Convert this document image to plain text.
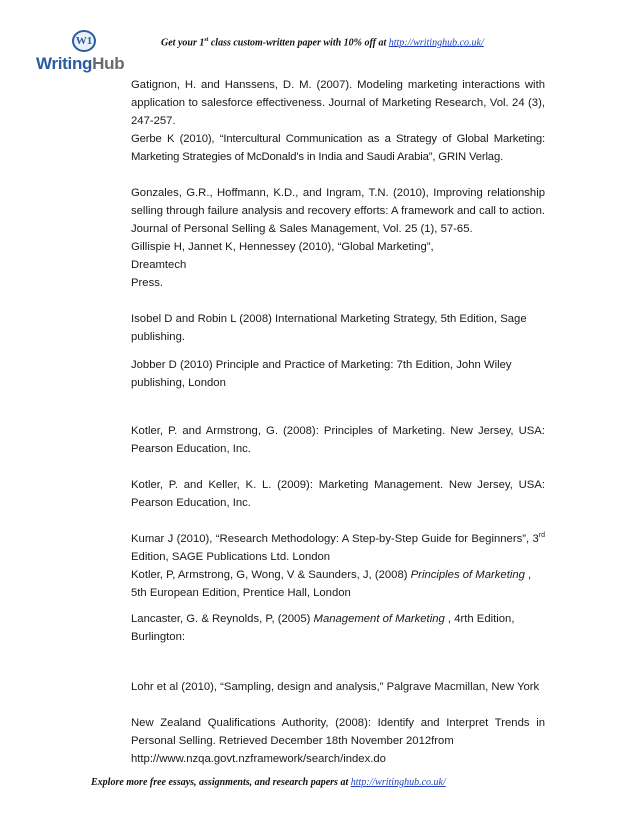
W1
WritingHub
Get your 1st class custom-written paper with 10% off at http://writinghub.co.uk/

Gatignon, H. and Hanssens, D. M. (2007). Modeling marketing interactions with application to salesforce effectiveness. Journal of Marketing Research, Vol. 24 (3), 247-257.

Gerbe K (2010), “Intercultural Communication as a Strategy of Global Marketing: Marketing Strategies of McDonald's in India and Saudi Arabia”, GRIN Verlag.

Gonzales, G.R., Hoffmann, K.D., and Ingram, T.N. (2010), Improving relationship selling through failure analysis and recovery efforts: A framework and call to action. Journal of Personal Selling & Sales Management, Vol. 25 (1), 57-65.

Gillispie H, Jannet K, Hennessey (2010), “Global Marketing”,Dreamtech
Press.

Isobel D and Robin L (2008) International Marketing Strategy, 5th Edition, Sage publishing.

Jobber D (2010) Principle and Practice of Marketing: 7th Edition, John Wiley publishing, London

Kotler, P. and Armstrong, G. (2008): Principles of Marketing. New Jersey, USA: Pearson Education, Inc.

Kotler, P. and Keller, K. L. (2009): Marketing Management. New Jersey, USA: Pearson Education, Inc.

Kumar J (2010), “Research Methodology: A Step-by-Step Guide for Beginners”, 3rd Edition, SAGE Publications Ltd. London

Kotler, P, Armstrong, G, Wong, V & Saunders, J, (2008) Principles of Marketing , 5th European Edition, Prentice Hall, London

Lancaster, G. & Reynolds, P, (2005) Management of Marketing , 4rth Edition, Burlington:

Lohr et al (2010), “Sampling, design and analysis,” Palgrave Macmillan, New York

New Zealand Qualifications Authority, (2008): Identify and Interpret Trends in Personal Selling. Retrieved December 18th November 2012from

http://www.nzqa.govt.nzframework/search/index.do

Explore more free essays, assignments, and research papers at http://writinghub.co.uk/
